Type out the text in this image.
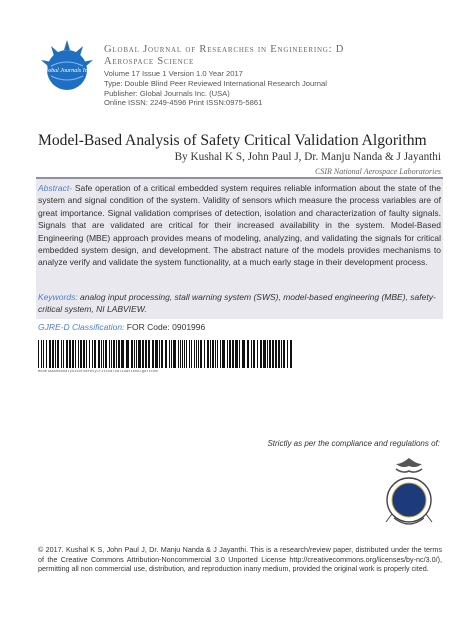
Global Journals Inc.
Global Journal of Researches in Engineering: D
Aerospace Science
Volume 17 Issue 1 Version 1.0 Year 2017
Type: Double Blind Peer Reviewed International Research Journal
Publisher: Global Journals Inc. (USA)
Online ISSN: 2249-4596 Print ISSN:0975-5861
Model-Based Analysis of Safety Critical Validation Algorithm
By Kushal K S, John Paul J, Dr. Manju Nanda & J Jayanthi
CSIR National Aerospace Laboratories
Abstract- Safe operation of a critical embedded system requires reliable information about the state of the system and signal condition of the system. Validity of sensors which measure the process variables are of great importance. Signal validation comprises of detection, isolation and characterization of faulty signals. Signals that are validated are critical for their increased availability in the system. Model-Based Engineering (MBE) approach provides means of modeling, analyzing, and validating the signals for critical embedded system design, and development. The abstract nature of the models provides mechanisms to analyze verify and validate the system functionality, at a much early stage in their development process.
Keywords: analog input processing, stall warning system (SWS), model-based engineering (MBE), safety- critical system, NI LABVIEW.
GJRE-D Classification: FOR Code: 0901996
ModelBasedAnalysisofSafetyCriticalValidationAlgorithm
Strictly as per the compliance and regulations of:
© 2017. Kushal K S, John Paul J, Dr. Manju Nanda & J Jayanthi. This is a research/review paper, distributed under the terms of the Creative Commons Attribution-Noncommercial 3.0 Unported License http://creativecommons.org/licenses/by-nc/3.0/), permitting all non commercial use, distribution, and reproduction inany medium, provided the original work is properly cited.
